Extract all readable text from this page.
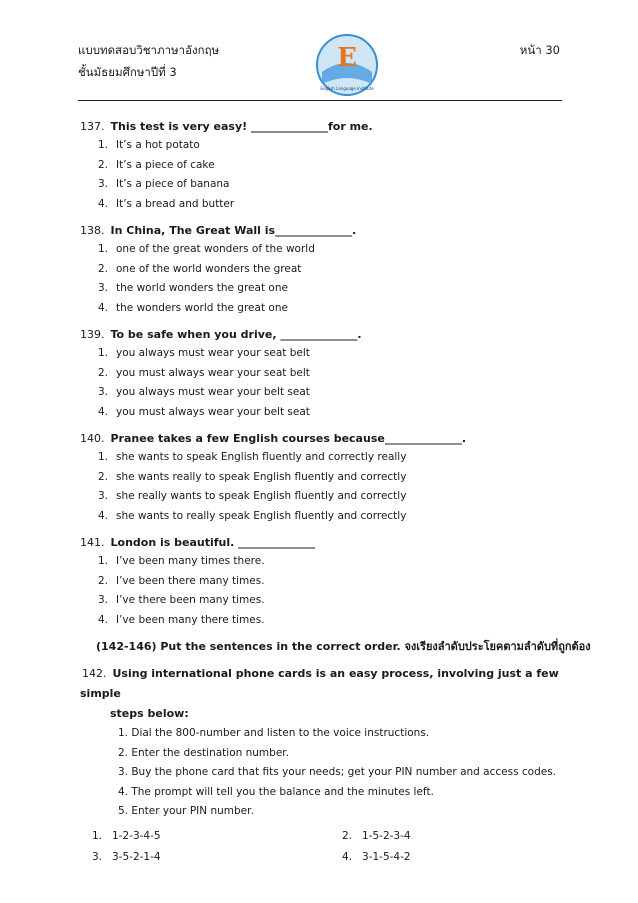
แบบทดสอบวิชาภาษาอังกฤษ
ชั้นมัธยมศึกษาปีที่ 3
หน้า 30
E
English Language Institute
137. This test is very easy! ______________for me.
1. It’s a hot potato
2. It’s a piece of cake
3. It’s a piece of banana
4. It’s a bread and butter
138. In China, The Great Wall is______________.
1. one of the great wonders of the world
2. one of the world wonders the great
3. the world wonders the great one
4. the wonders world the great one
139. To be safe when you drive, ______________.
1. you always must wear your seat belt
2. you must always wear your seat belt
3. you always must wear your belt seat
4. you must always wear your belt seat
140. Pranee takes a few English courses because______________.
1. she wants to speak English fluently and correctly really
2. she wants really to speak English fluently and correctly
3. she really wants to speak English fluently and correctly
4. she wants to really speak English fluently and correctly
141. London is beautiful. ______________
1. I’ve been many times there.
2. I’ve been there many times.
3. I’ve there been many times.
4. I’ve been many there times.
(142-146) Put the sentences in the correct order. จงเรียงลำดับประโยคตามลำดับที่ถูกต้อง
142. Using international phone cards is an easy process, involving just a few simple
steps below:
1. Dial the 800-number and listen to the voice instructions.
2. Enter the destination number.
3. Buy the phone card that fits your needs; get your PIN number and access codes.
4. The prompt will tell you the balance and the minutes left.
5. Enter your PIN number.
1. 1-2-3-4-5	2. 1-5-2-3-4
3. 3-5-2-1-4	4. 3-1-5-4-2
